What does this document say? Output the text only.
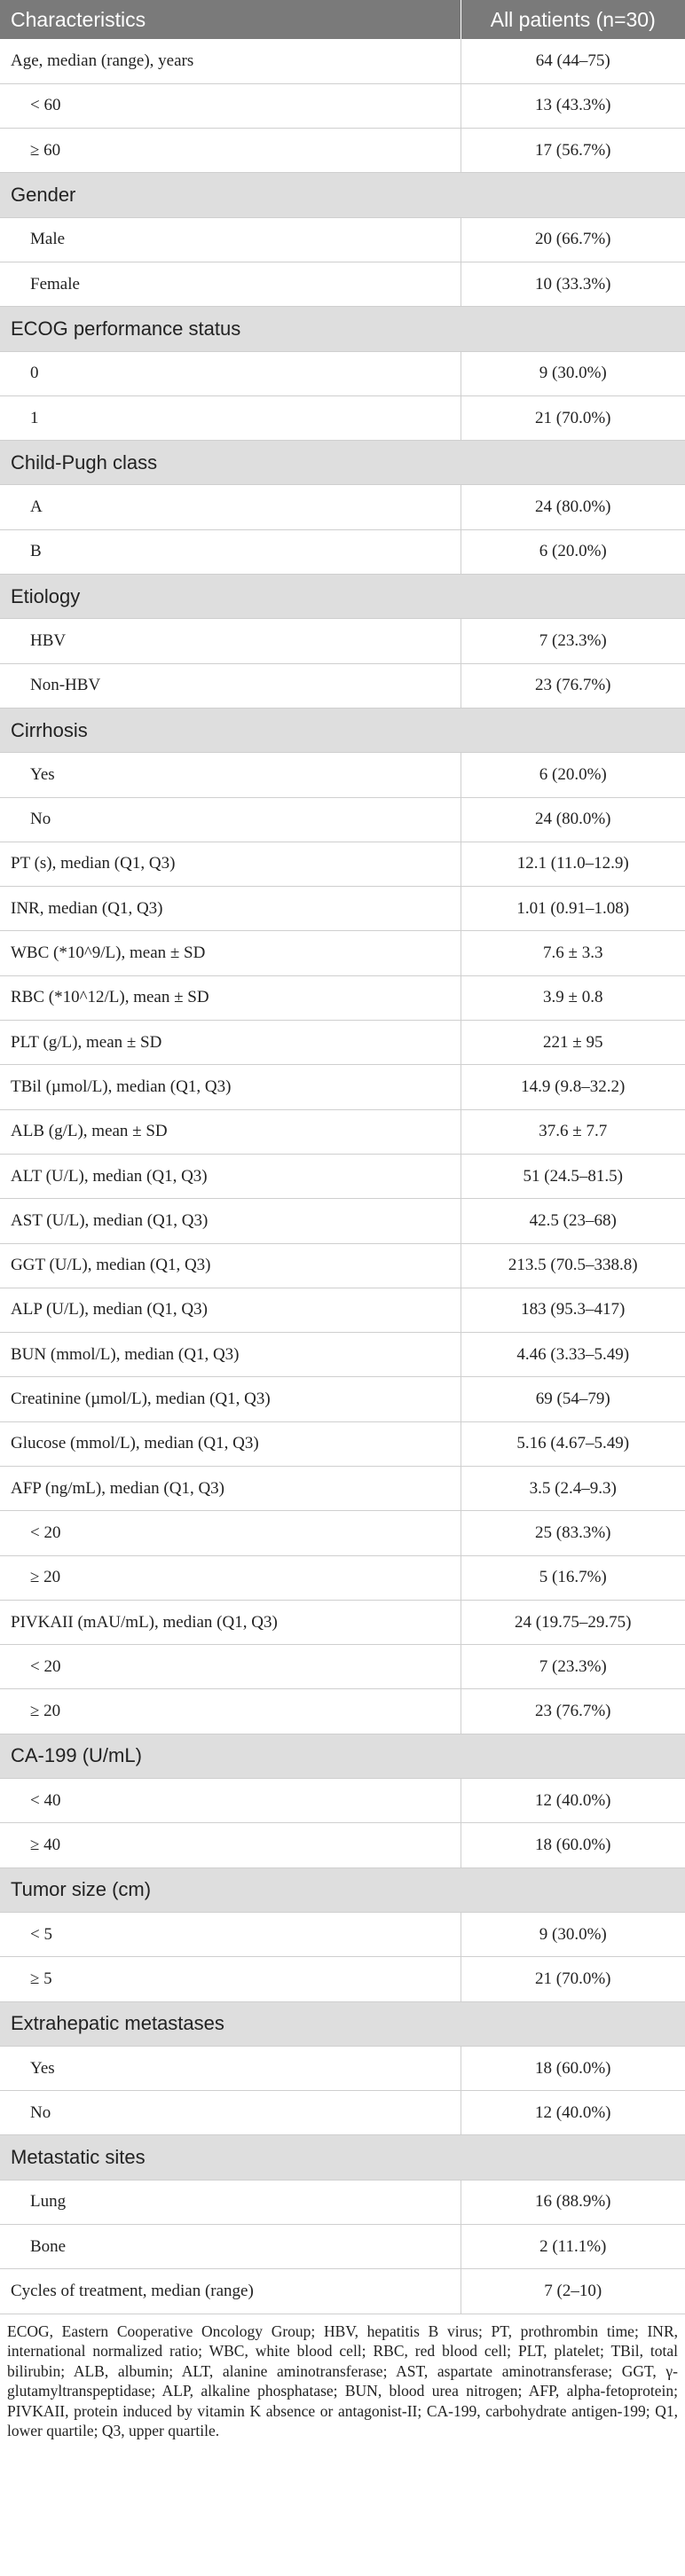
Characteristics	All patients (n=30)
Age, median (range), years	64 (44–75)
< 60	13 (43.3%)
≥ 60	17 (56.7%)
Gender	
Male	20 (66.7%)
Female	10 (33.3%)
ECOG performance status	
0	9 (30.0%)
1	21 (70.0%)
Child-Pugh class	
A	24 (80.0%)
B	6 (20.0%)
Etiology	
HBV	7 (23.3%)
Non-HBV	23 (76.7%)
Cirrhosis	
Yes	6 (20.0%)
No	24 (80.0%)
PT (s), median (Q1, Q3)	12.1 (11.0–12.9)
INR, median (Q1, Q3)	1.01 (0.91–1.08)
WBC (*10^9/L), mean ± SD	7.6 ± 3.3
RBC (*10^12/L), mean ± SD	3.9 ± 0.8
PLT (g/L), mean ± SD	221 ± 95
TBil (µmol/L), median (Q1, Q3)	14.9 (9.8–32.2)
ALB (g/L), mean ± SD	37.6 ± 7.7
ALT (U/L), median (Q1, Q3)	51 (24.5–81.5)
AST (U/L), median (Q1, Q3)	42.5 (23–68)
GGT (U/L), median (Q1, Q3)	213.5 (70.5–338.8)
ALP (U/L), median (Q1, Q3)	183 (95.3–417)
BUN (mmol/L), median (Q1, Q3)	4.46 (3.33–5.49)
Creatinine (µmol/L), median (Q1, Q3)	69 (54–79)
Glucose (mmol/L), median (Q1, Q3)	5.16 (4.67–5.49)
AFP (ng/mL), median (Q1, Q3)	3.5 (2.4–9.3)
< 20	25 (83.3%)
≥ 20	5 (16.7%)
PIVKAII (mAU/mL), median (Q1, Q3)	24 (19.75–29.75)
< 20	7 (23.3%)
≥ 20	23 (76.7%)
CA-199 (U/mL)	
< 40	12 (40.0%)
≥ 40	18 (60.0%)
Tumor size (cm)	
< 5	9 (30.0%)
≥ 5	21 (70.0%)
Extrahepatic metastases	
Yes	18 (60.0%)
No	12 (40.0%)
Metastatic sites	
Lung	16 (88.9%)
Bone	2 (11.1%)
Cycles of treatment, median (range)	7 (2–10)
ECOG, Eastern Cooperative Oncology Group; HBV, hepatitis B virus; PT, prothrombin time; INR, international normalized ratio; WBC, white blood cell; RBC, red blood cell; PLT, platelet; TBil, total bilirubin; ALB, albumin; ALT, alanine aminotransferase; AST, aspartate aminotransferase; GGT, γ-glutamyltranspeptidase; ALP, alkaline phosphatase; BUN, blood urea nitrogen; AFP, alpha-fetoprotein; PIVKAII, protein induced by vitamin K absence or antagonist-II; CA-199, carbohydrate antigen-199; Q1, lower quartile; Q3, upper quartile.
